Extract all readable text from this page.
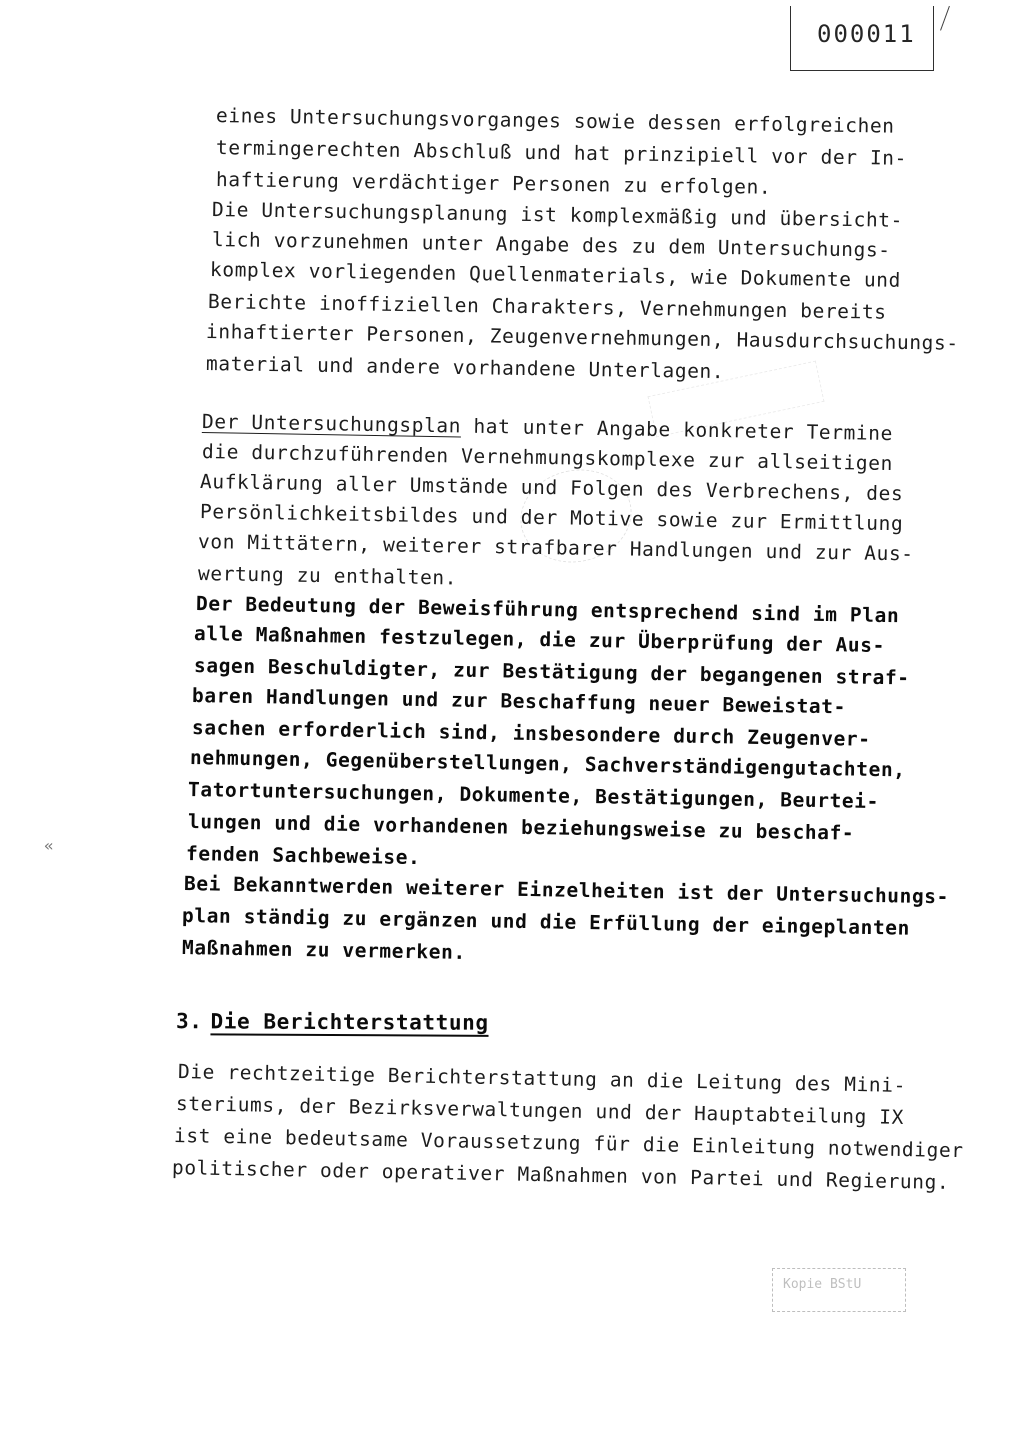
000011
eines Untersuchungsvorganges sowie dessen erfolgreichen
termingerechten Abschluß und hat prinzipiell vor der In-
haftierung verdächtiger Personen zu erfolgen.
Die Untersuchungsplanung ist komplexmäßig und übersicht-
lich vorzunehmen unter Angabe des zu dem Untersuchungs-
komplex vorliegenden Quellenmaterials, wie Dokumente und
Berichte inoffiziellen Charakters, Vernehmungen bereits
inhaftierter Personen, Zeugenvernehmungen, Hausdurchsuchungs-
material und andere vorhandene Unterlagen.
Der Untersuchungsplan hat unter Angabe konkreter Termine
die durchzuführenden Vernehmungskomplexe zur allseitigen
Aufklärung aller Umstände und Folgen des Verbrechens, des
Persönlichkeitsbildes und der Motive sowie zur Ermittlung
von Mittätern, weiterer strafbarer Handlungen und zur Aus-
wertung zu enthalten.
Der Bedeutung der Beweisführung entsprechend sind im Plan
alle Maßnahmen festzulegen, die zur Überprüfung der Aus-
sagen Beschuldigter, zur Bestätigung der begangenen straf-
baren Handlungen und zur Beschaffung neuer Beweistat-
sachen erforderlich sind, insbesondere durch Zeugenver-
nehmungen, Gegenüberstellungen, Sachverständigengutachten,
Tatortuntersuchungen, Dokumente, Bestätigungen, Beurtei-
lungen und die vorhandenen beziehungsweise zu beschaf-
fenden Sachbeweise.
Bei Bekanntwerden weiterer Einzelheiten ist der Untersuchungs-
plan ständig zu ergänzen und die Erfüllung der eingeplanten
Maßnahmen zu vermerken.
«
3. Die Berichterstattung
Die rechtzeitige Berichterstattung an die Leitung des Mini-
steriums, der Bezirksverwaltungen und der Hauptabteilung IX
ist eine bedeutsame Voraussetzung für die Einleitung notwendiger
politischer oder operativer Maßnahmen von Partei und Regierung.
Kopie BStU
